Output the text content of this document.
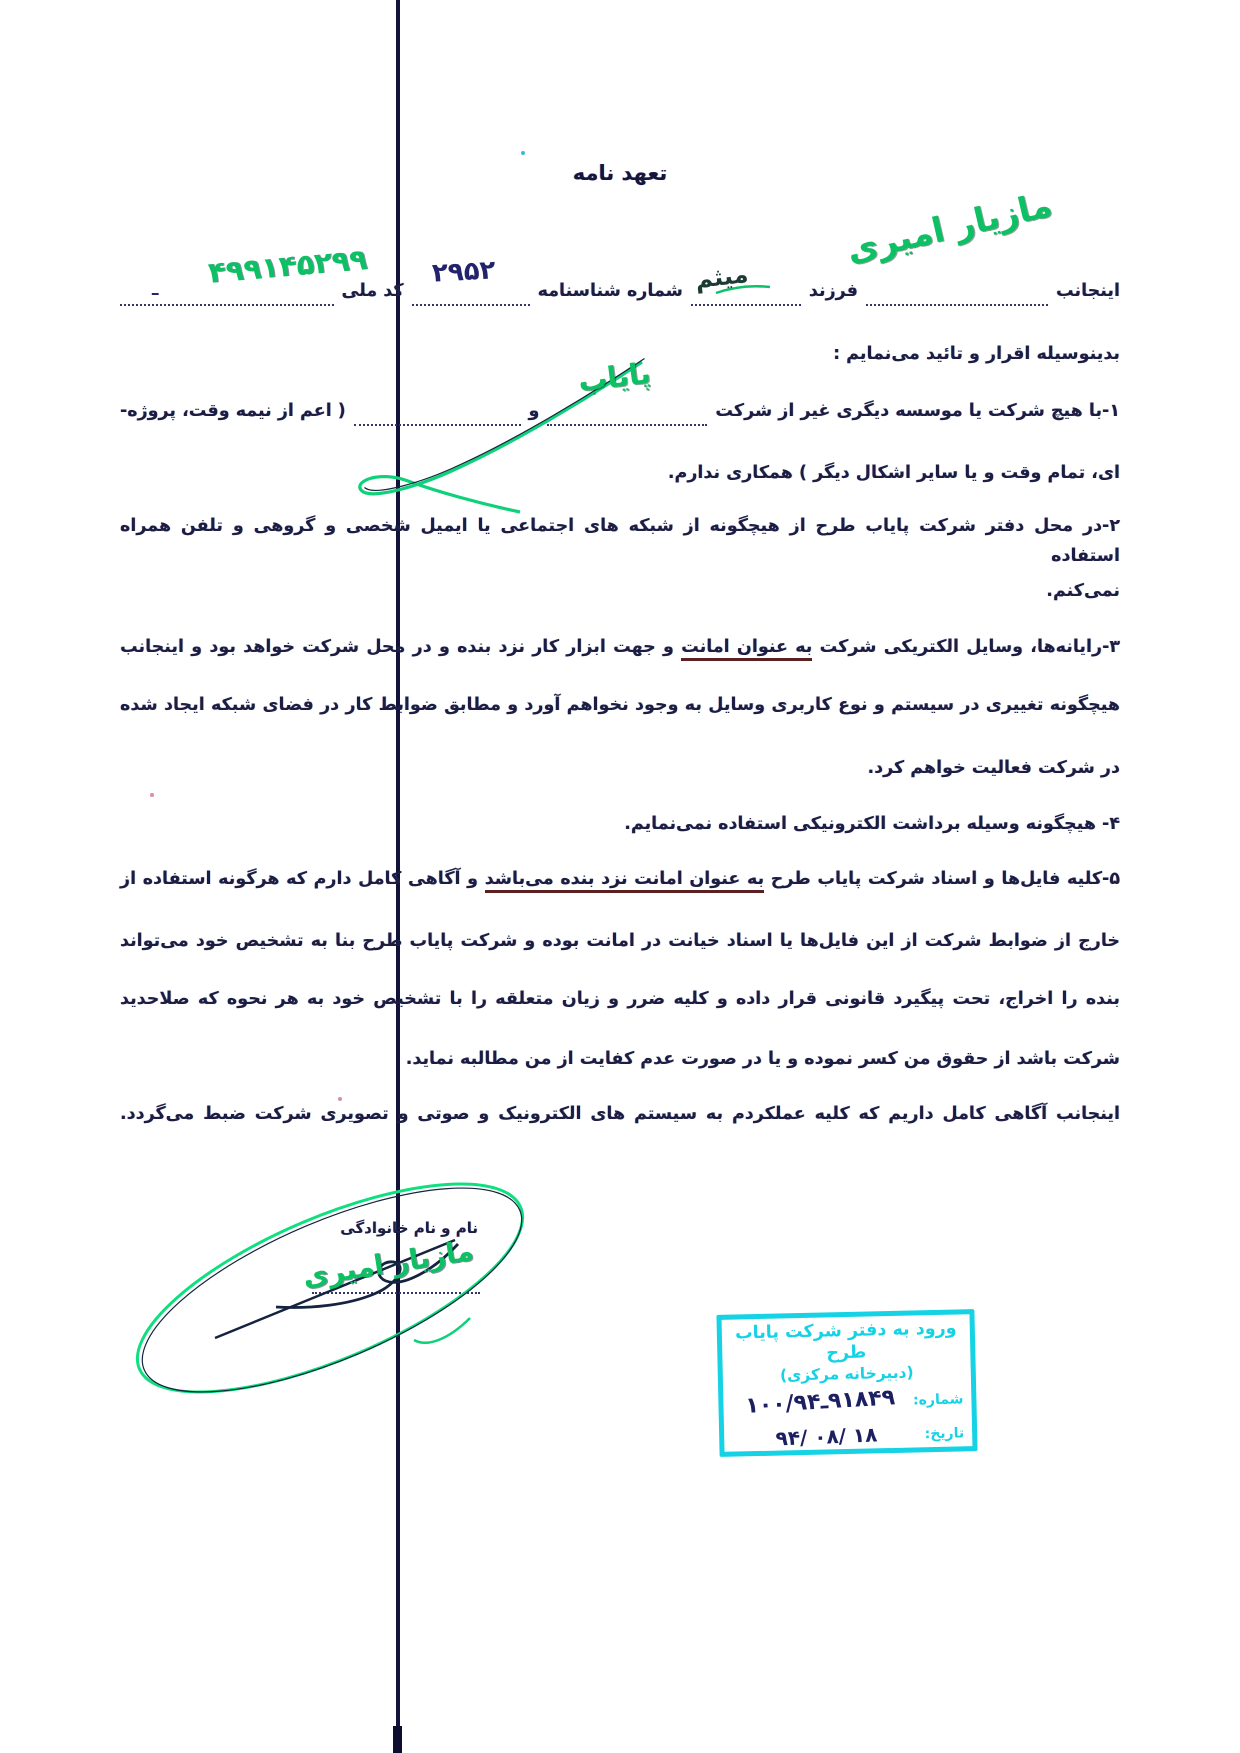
تعهد نامه
اینجانب
فرزند
شماره شناسنامه
کد ملی
مازیار امیری
میثم
۲۹۵۲
۴۹۹۱۴۵۲۹۹
ـ
بدینوسیله اقرار و تائید می‌نمایم :
۱-با هیچ شرکت یا موسسه دیگری غیر از شرکت
و
( اعم از نیمه وقت، پروژه-
پایاب
ای، تمام وقت و یا سایر اشکال دیگر ) همکاری ندارم.
۲-در محل دفتر شرکت پایاب طرح از هیچگونه از شبکه های اجتماعی یا ایمیل شخصی و گروهی و تلفن همراه استفاده
نمی‌کنم.
۳-رایانه‌ها، وسایل الکتریکی شرکت به عنوان امانت و جهت ابزار کار نزد بنده و در محل شرکت خواهد بود و اینجانب
هیچگونه تغییری در سیستم و نوع کاربری وسایل به وجود نخواهم آورد و مطابق ضوابط کار در فضای شبکه ایجاد شده
در شرکت فعالیت خواهم کرد.
۴- هیچگونه وسیله برداشت الکترونیکی استفاده نمی‌نمایم.
۵-کلیه فایل‌ها و اسناد شرکت پایاب طرح به عنوان امانت نزد بنده می‌باشد و آگاهی کامل دارم که هرگونه استفاده از
خارج از ضوابط شرکت از این فایل‌ها یا اسناد خیانت در امانت بوده و شرکت پایاب طرح بنا به تشخیص خود می‌تواند
بنده را اخراج، تحت پیگیرد قانونی قرار داده و کلیه ضرر و زیان متعلقه را با تشخیص خود به هر نحوه که صلاحدید
شرکت باشد از حقوق من کسر نموده و یا در صورت عدم کفایت از من مطالبه نماید.
اینجانب آگاهی کامل داریم که کلیه عملکردم به سیستم های الکترونیک و صوتی و تصویری شرکت ضبط می‌گردد.
نام و نام خانوادگی
مازیار امیری
ورود به دفتر شرکت پایاب طرح
(دبیرخانه مرکزی)
شماره:
۱۰۰/۹۴ـ۹۱۸۴۹
تاریخ:
۹۴/ ۰۸/ ۱۸
